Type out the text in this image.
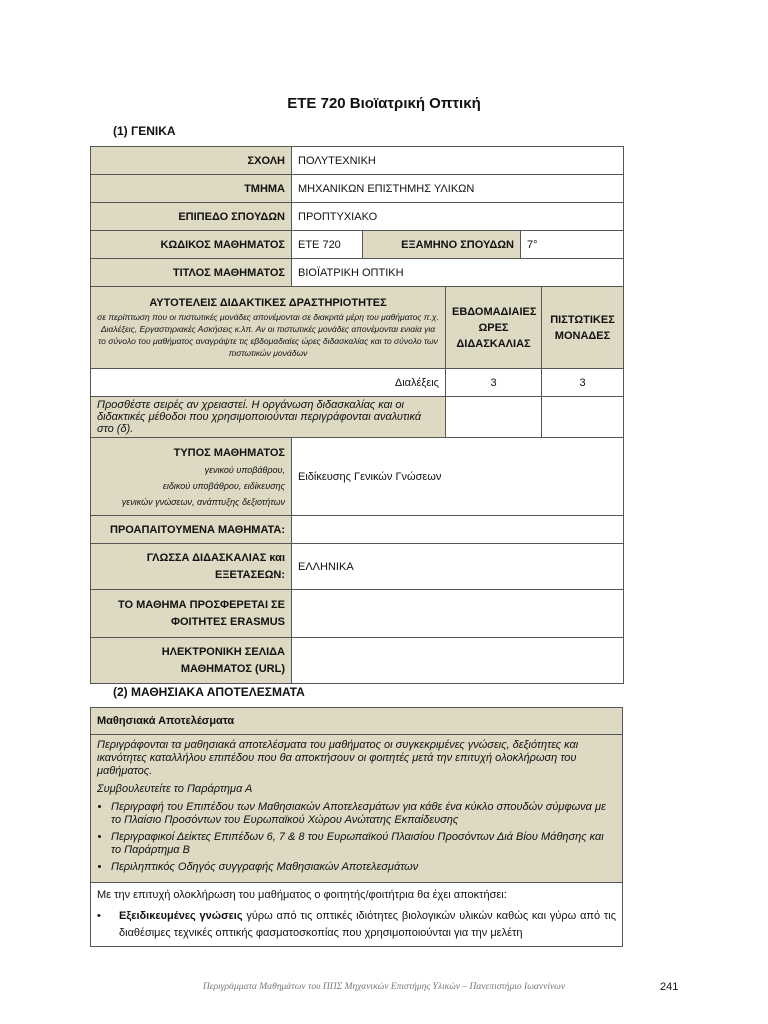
ΕΤΕ 720 Βιοϊατρική Οπτική
(1) ΓΕΝΙΚΑ
ΣΧΟΛΗ	ΠΟΛΥΤΕΧΝΙΚΗ				
ΤΜΗΜΑ	ΜΗΧΑΝΙΚΩΝ ΕΠΙΣΤΗΜΗΣ ΥΛΙΚΩΝ				
ΕΠΙΠΕΔΟ ΣΠΟΥΔΩΝ	ΠΡΟΠΤΥΧΙΑΚΟ				
ΚΩΔΙΚΟΣ ΜΑΘΗΜΑΤΟΣ	ΕΤΕ 720	ΕΞΑΜΗΝΟ ΣΠΟΥΔΩΝ		7°	
ΤΙΤΛΟΣ ΜΑΘΗΜΑΤΟΣ	ΒΙΟΪΑΤΡΙΚΗ ΟΠΤΙΚΗ				

ΑΥΤΟΤΕΛΕΙΣ ΔΙΔΑΚΤΙΚΕΣ ΔΡΑΣΤΗΡΙΟΤΗΤΕΣ
σε περίπτωση που οι πιστωτικές μονάδες απονέμονται σε διακριτά μέρη του μαθήματος π.χ. Διαλέξεις, Εργαστηριακές Ασκήσεις κ.λπ. Αν οι πιστωτικές μονάδες απονέμονται ενιαία για το σύνολο του μαθήματος αναγράψτε τις εβδομαδιαίες ώρες διδασκαλίας και το σύνολο των πιστωτικών μονάδων			ΕΒΔΟΜΑΔΙΑΙΕΣ ΩΡΕΣ ΔΙΔΑΣΚΑΛΙΑΣ		ΠΙΣΤΩΤΙΚΕΣ ΜΟΝΑΔΕΣ
Διαλέξεις			3		3
Προσθέστε σειρές αν χρειαστεί. Η οργάνωση διδασκαλίας και οι διδακτικές μέθοδοι που χρησιμοποιούνται περιγράφονται αναλυτικά στο (δ).					

ΤΥΠΟΣ ΜΑΘΗΜΑΤΟΣ
γενικού υποβάθρου,
ειδικού υποβάθρου, ειδίκευσης
γενικών γνώσεων, ανάπτυξης δεξιοτήτων	Ειδίκευσης Γενικών Γνώσεων				
ΠΡΟΑΠΑΙΤΟΥΜΕΝΑ ΜΑΘΗΜΑΤΑ:					
ΓΛΩΣΣΑ ΔΙΔΑΣΚΑΛΙΑΣ και ΕΞΕΤΑΣΕΩΝ:	ΕΛΛΗΝΙΚΑ				
ΤΟ ΜΑΘΗΜΑ ΠΡΟΣΦΕΡΕΤΑΙ ΣΕ ΦΟΙΤΗΤΕΣ ERASMUS					
ΗΛΕΚΤΡΟΝΙΚΗ ΣΕΛΙΔΑ ΜΑΘΗΜΑΤΟΣ (URL)					
(2) ΜΑΘΗΣΙΑΚΑ ΑΠΟΤΕΛΕΣΜΑΤΑ
Μαθησιακά Αποτελέσματα

Περιγράφονται τα μαθησιακά αποτελέσματα του μαθήματος οι συγκεκριμένες γνώσεις, δεξιότητες και ικανότητες καταλλήλου επιπέδου που θα αποκτήσουν οι φοιτητές μετά την επιτυχή ολοκλήρωση του μαθήματος.

Συμβουλευτείτε το Παράρτημα Α

• Περιγραφή του Επιπέδου των Μαθησιακών Αποτελεσμάτων για κάθε ένα κύκλο σπουδών σύμφωνα με το Πλαίσιο Προσόντων του Ευρωπαϊκού Χώρου Ανώτατης Εκπαίδευσης
• Περιγραφικοί Δείκτες Επιπέδων 6, 7 & 8 του Ευρωπαϊκού Πλαισίου Προσόντων Διά Βίου Μάθησης και το Παράρτημα Β
• Περιληπτικός Οδηγός συγγραφής Μαθησιακών Αποτελεσμάτων

Με την επιτυχή ολοκλήρωση του μαθήματος ο φοιτητής/φοιτήτρια θα έχει αποκτήσει:

•	Εξειδικευμένες γνώσεις γύρω από τις οπτικές ιδιότητες βιολογικών υλικών καθώς και γύρω από τις διαθέσιμες τεχνικές οπτικής φασματοσκοπίας που χρησιμοποιούνται για την μελέτη
Περιγράμματα Μαθημάτων του ΠΠΣ Μηχανικών Επιστήμης Υλικών – Πανεπιστήμιο Ιωαννίνων	241
